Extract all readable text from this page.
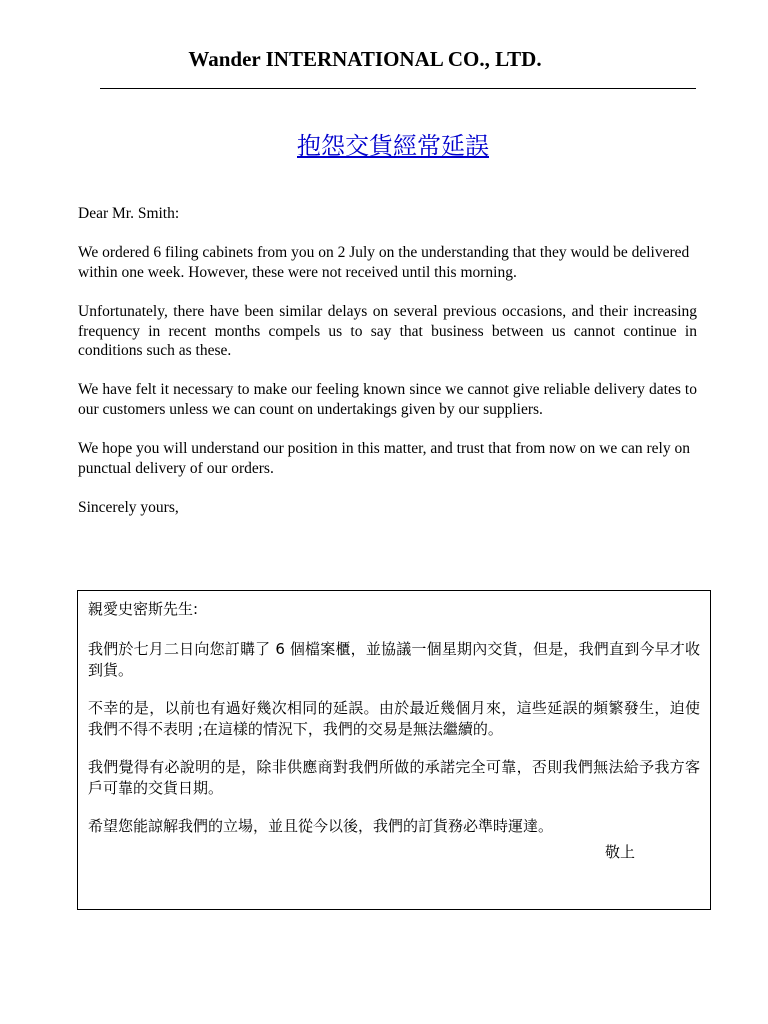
Wander INTERNATIONAL CO., LTD.
抱怨交貨經常延誤

Dear Mr. Smith:

We ordered 6 filing cabinets from you on 2 July on the understanding that they would be delivered within one week. However, these were not received until this morning.

Unfortunately, there have been similar delays on several previous occasions, and their increasing frequency in recent months compels us to say that business between us cannot continue in conditions such as these.

We have felt it necessary to make our feeling known since we cannot give reliable delivery dates to our customers unless we can count on undertakings given by our suppliers.

We hope you will understand our position in this matter, and trust that from now on we can rely on punctual delivery of our orders.

Sincerely yours,

親愛史密斯先生:

我們於七月二日向您訂購了 6 個檔案櫃，並協議一個星期內交貨，但是，我們直到今早才收到貨。

不幸的是，以前也有過好幾次相同的延誤。由於最近幾個月來，這些延誤的頻繁發生，迫使我們不得不表明 ;在這樣的情況下，我們的交易是無法繼續的。

我們覺得有必說明的是，除非供應商對我們所做的承諾完全可靠，否則我們無法給予我方客戶可靠的交貨日期。

希望您能諒解我們的立場，並且從今以後，我們的訂貨務必準時運達。

敬上
